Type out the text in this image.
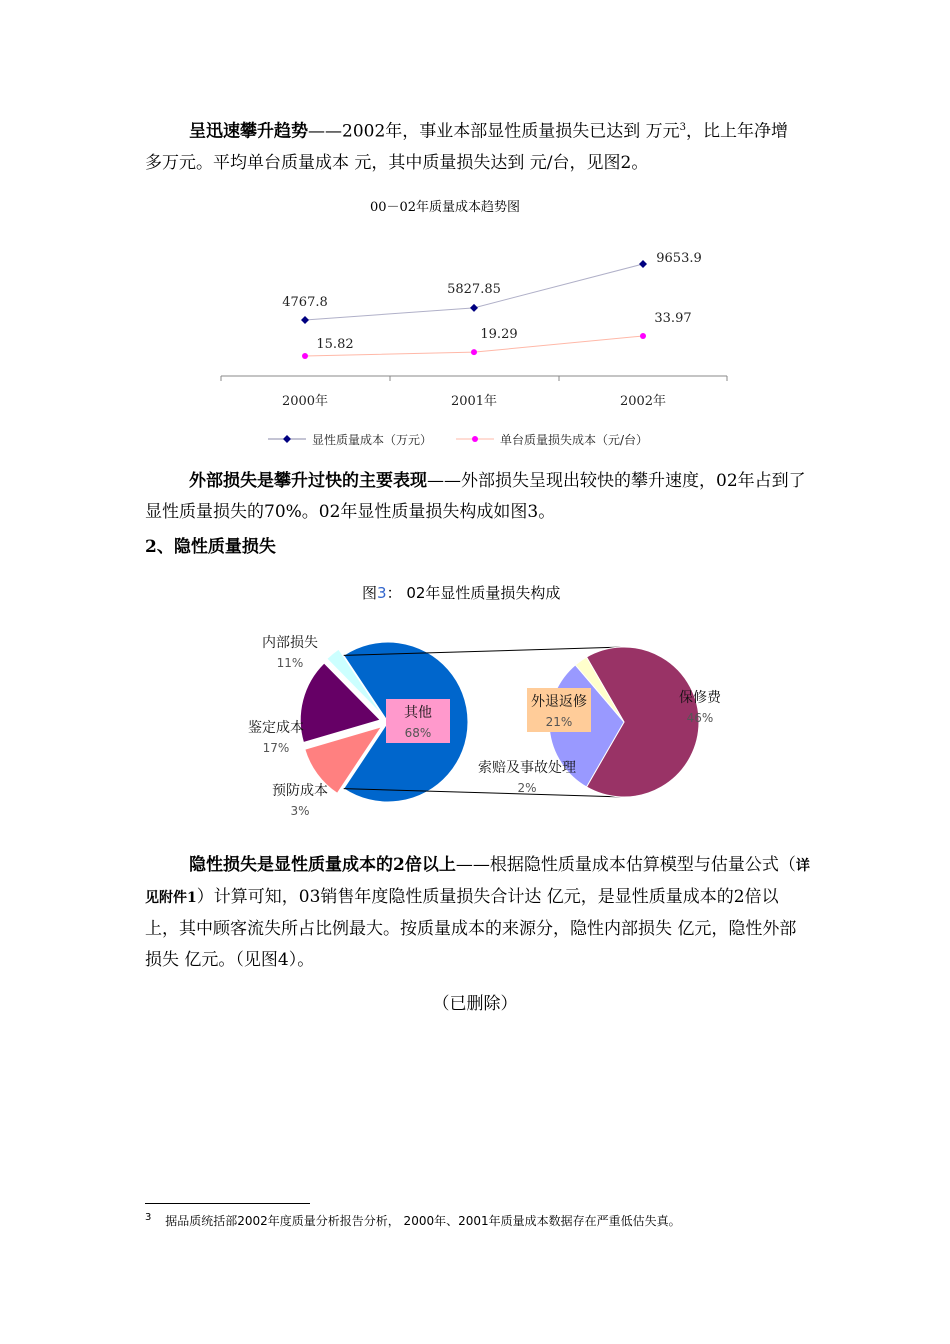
呈迅速攀升趋势——2002年，事业本部显性质量损失已达到 万元$^3$，比上年净增 多万元。平均单台质量成本 元，其中质量损失达到 元/台，见图2。
00－02年质量成本趋势图
2000年	2001年	2002年
4767.8
5827.85
9653.9
15.82
19.29
33.97
显性质量成本（万元）	单台质量损失成本（元/台）
外部损失是攀升过快的主要表现——外部损失呈现出较快的攀升速度，02年占到了显性质量损失的70%。02年显性质量损失构成如图3。
2、隐性质量损失
图3： 02年显性质量损失构成
其他
68%
内部损失
11%
鉴定成本
17%
预防成本
3%
保修费
46%
外退返修
21%
索赔及事故处理
2%
隐性损失是显性质量成本的2倍以上——根据隐性质量成本估算模型与估量公式（详见附件1）计算可知，03销售年度隐性质量损失合计达 亿元，是显性质量成本的2倍以上，其中顾客流失所占比例最大。按质量成本的来源分，隐性内部损失 亿元，隐性外部损失 亿元。（见图4）。
（已删除）
$^3$ 据品质统括部2002年度质量分析报告分析， 2000年、2001年质量成本数据存在严重低估失真。
